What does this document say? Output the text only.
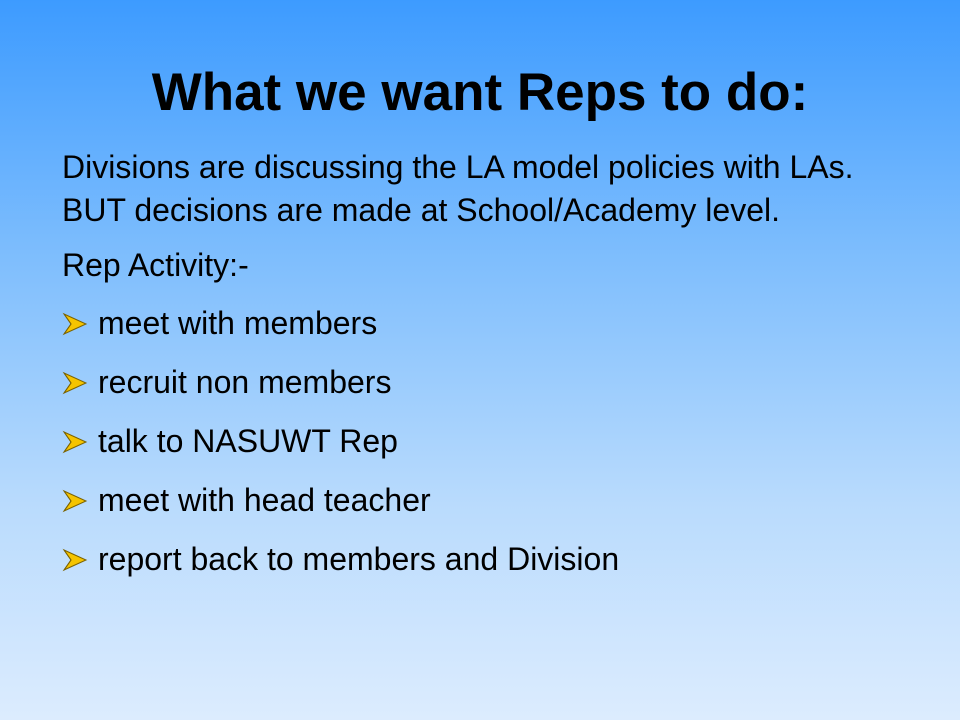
What we want Reps to do:

Divisions are discussing the LA model policies with LAs. BUT decisions are made at School/Academy level.

Rep Activity:-

meet with members
recruit non members
talk to NASUWT Rep
meet with head teacher
report back to members and Division
